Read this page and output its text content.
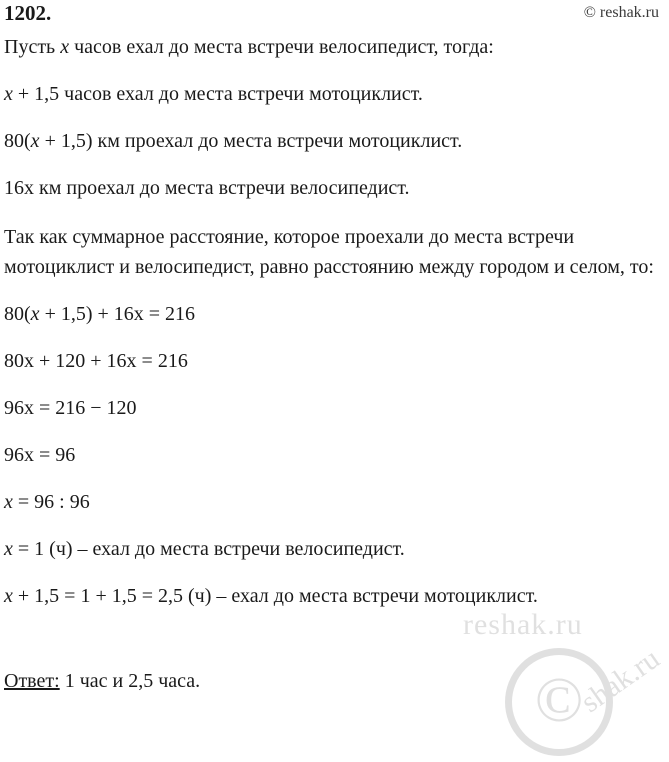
© reshak.ru
1202.
Пусть x часов ехал до места встречи велосипедист, тогда:
x + 1,5 часов ехал до места встречи мотоциклист.
80(x + 1,5) км проехал до места встречи мотоциклист.
16x км проехал до места встречи велосипедист.
Так как суммарное расстояние, которое проехали до места встречи мотоциклист и велосипедист, равно расстоянию между городом и селом, то:
80(x + 1,5) + 16x = 216
80x + 120 + 16x = 216
96x = 216 − 120
96x = 96
x = 96 : 96
x = 1 (ч) – ехал до места встречи велосипедист.
x + 1,5 = 1 + 1,5 = 2,5 (ч) – ехал до места встречи мотоциклист.
Ответ: 1 час и 2,5 часа.
reshak.ru
©
shak.ru
